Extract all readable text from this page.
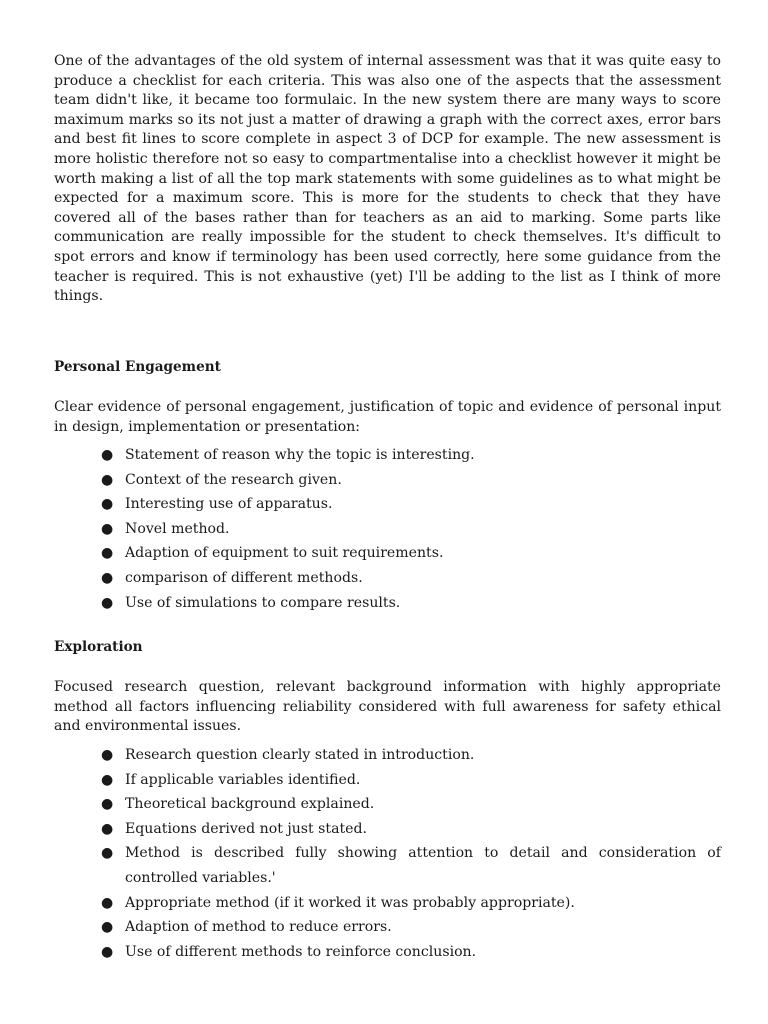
One of the advantages of the old system of internal assessment was that it was quite easy to produce a checklist for each criteria. This was also one of the aspects that the assessment team didn't like, it became too formulaic. In the new system there are many ways to score maximum marks so its not just a matter of drawing a graph with the correct axes, error bars and best fit lines to score complete in aspect 3 of DCP for example. The new assessment is more holistic therefore not so easy to compartmentalise into a checklist however it might be worth making a list of all the top mark statements with some guidelines as to what might be expected for a maximum score. This is more for the students to check that they have covered all of the bases rather than for teachers as an aid to marking. Some parts like communication are really impossible for the student to check themselves. It's difficult to spot errors and know if terminology has been used correctly, here some guidance from the teacher is required. This is not exhaustive (yet) I'll be adding to the list as I think of more things.

Personal Engagement

Clear evidence of personal engagement, justification of topic and evidence of personal input in design, implementation or presentation:

● Statement of reason why the topic is interesting.
● Context of the research given.
● Interesting use of apparatus.
● Novel method.
● Adaption of equipment to suit requirements.
● comparison of different methods.
● Use of simulations to compare results.
Exploration

Focused research question, relevant background information with highly appropriate method all factors influencing reliability considered with full awareness for safety ethical and environmental issues.

● Research question clearly stated in introduction.
● If applicable variables identified.
● Theoretical background explained.
● Equations derived not just stated.
● Method is described fully showing attention to detail and consideration of controlled variables.'
● Appropriate method (if it worked it was probably appropriate).
● Adaption of method to reduce errors.
● Use of different methods to reinforce conclusion.
